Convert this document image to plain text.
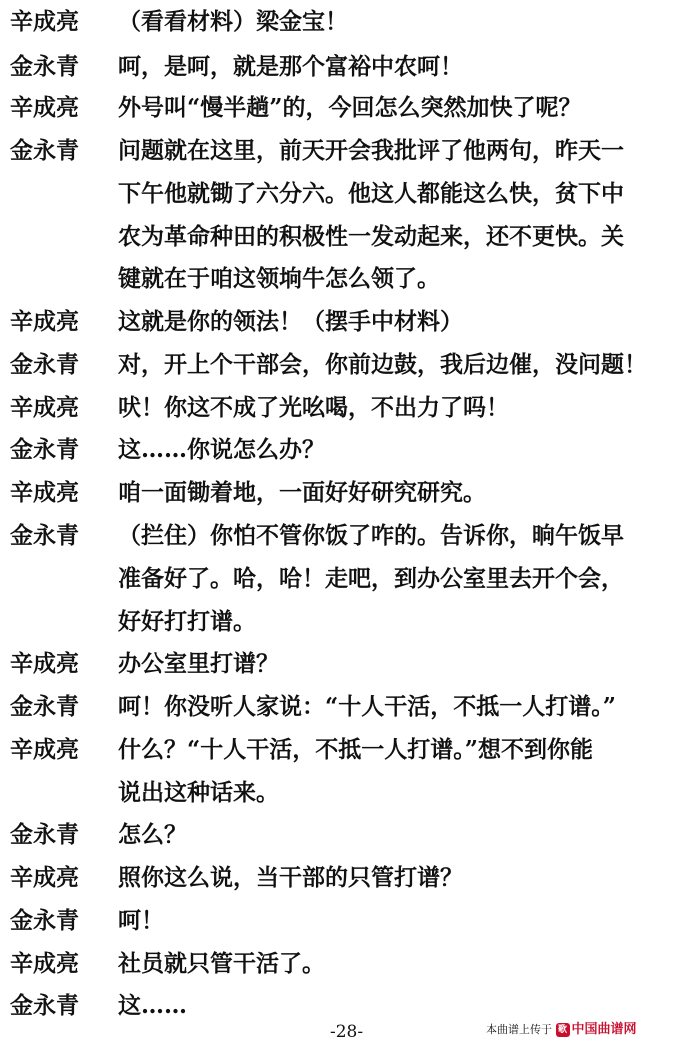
辛成亮	（看看材料）梁金宝！
金永青	呵，是呵，就是那个富裕中农呵！
辛成亮	外号叫“慢半趟”的，今回怎么突然加快了呢？
金永青	问题就在这里，前天开会我批评了他两句，昨天一
下午他就锄了六分六。他这人都能这么快，贫下中
农为革命种田的积极性一发动起来，还不更快。关
键就在于咱这领垧牛怎么领了。
辛成亮	这就是你的领法！（摆手中材料）
金永青	对，开上个干部会，你前边鼓，我后边催，没问题！
辛成亮	吠！你这不成了光吆喝，不出力了吗！
金永青	这……你说怎么办？
辛成亮	咱一面锄着地，一面好好研究研究。
金永青	（拦住）你怕不管你饭了咋的。告诉你，晌午饭早
准备好了。哈，哈！走吧，到办公室里去开个会，
好好打打谱。
辛成亮	办公室里打谱？
金永青	呵！你没听人家说：“十人干活，不抵一人打谱。”
辛成亮	什么？“十人干活，不抵一人打谱。”想不到你能
说出这种话来。
金永青	怎么？
辛成亮	照你这么说，当干部的只管打谱？
金永青	呵！
辛成亮	社员就只管干活了。
金永青	这……
-28-	本曲谱上传于 歌 中国曲谱网
